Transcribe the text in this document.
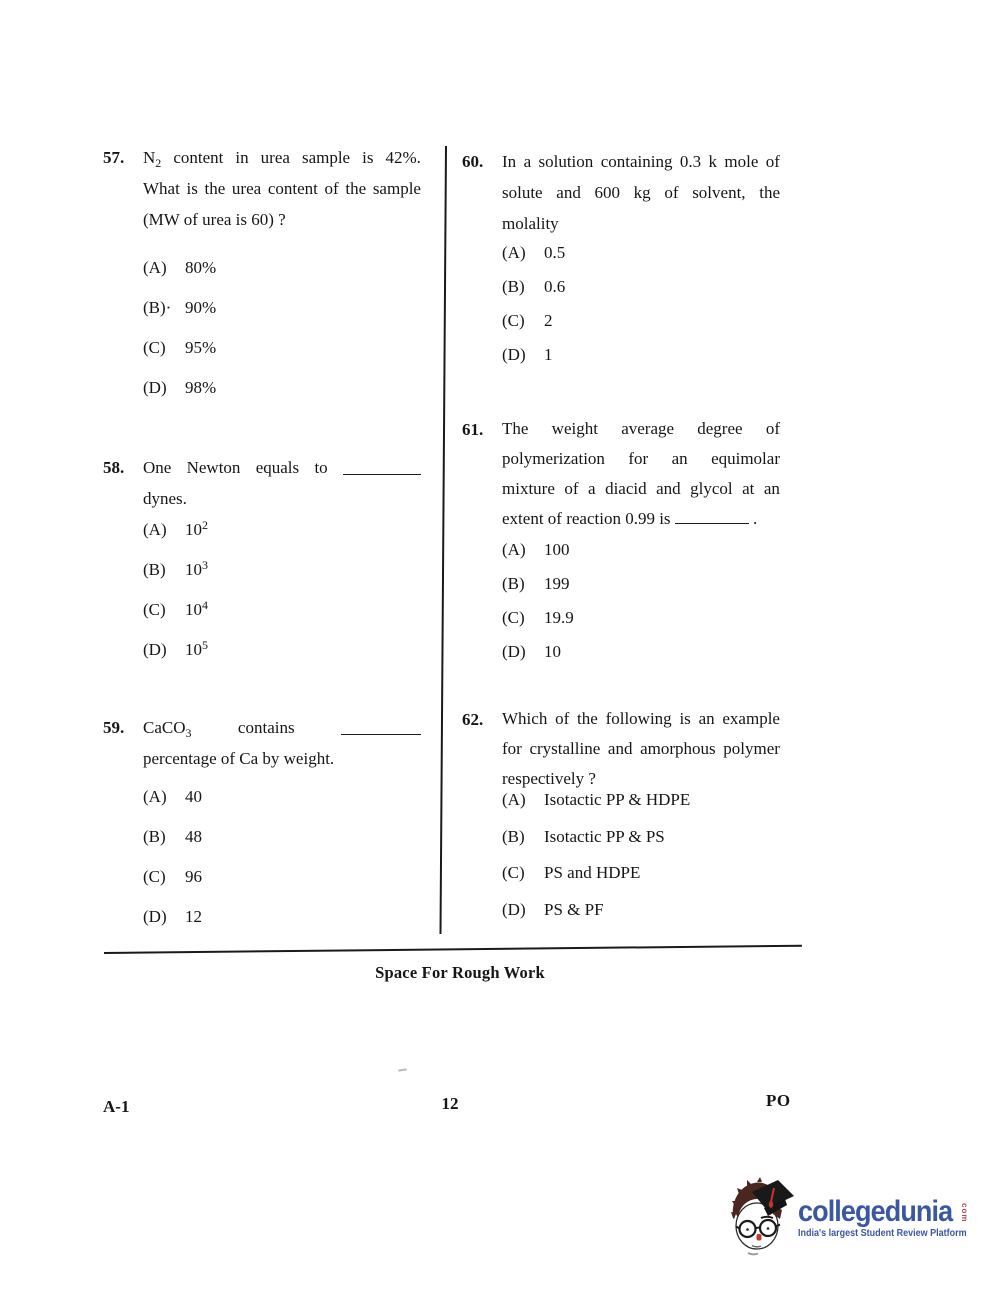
57.	$N_2$ content in urea sample is 42%.
What is the urea content of the sample
(MW of urea is 60) ?
(A)	80%
(B)· 90%
(C)	95%
(D)	98%
58.	One Newton equals to
dynes.
(A)	$10^2$
(B)	$10^3$
(C)	$10^4$
(D)	$10^5$
59.	CaCO$_3$	contains
percentage of Ca by weight.
(A)	40
(B)	48
(C)	96
(D)	12
60.	In a solution containing 0.3 k mole of
solute and 600 kg of solvent, the
molality
(A)	0.5
(B)	0.6
(C)	2
(D)	1
61.	The weight average degree of
polymerization for an equimolar
mixture of a diacid and glycol at an
extent of reaction 0.99 is	.
(A)	100
(B)	199
(C)	19.9
(D)	10
62.	Which of the following is an example
for crystalline and amorphous polymer
respectively ?
(A)	Isotactic PP & HDPE
(B)	Isotactic PP & PS
(C)	PS and HDPE
(D)	PS & PF
Space For Rough Work
A-1	12	PO
collegedunia com
India's largest Student Review Platform
